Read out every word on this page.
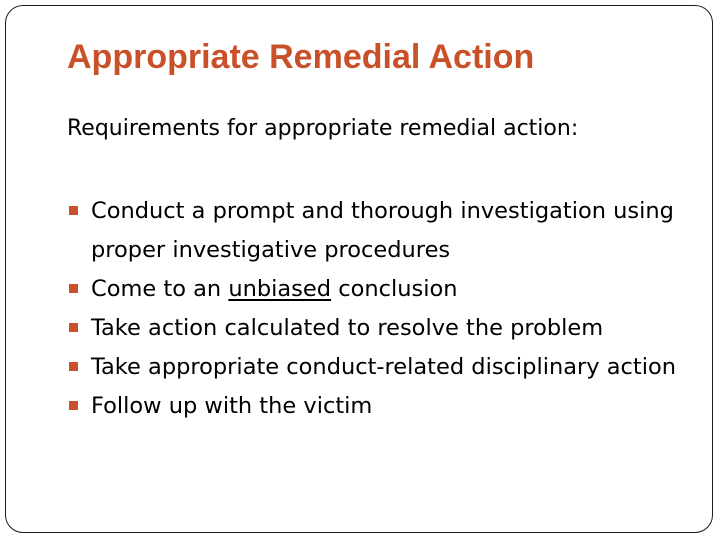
Appropriate Remedial Action
Requirements for appropriate remedial action:
Conduct a prompt and thorough investigation using proper investigative procedures
Come to an unbiased conclusion
Take action calculated to resolve the problem
Take appropriate conduct-related disciplinary action
Follow up with the victim
